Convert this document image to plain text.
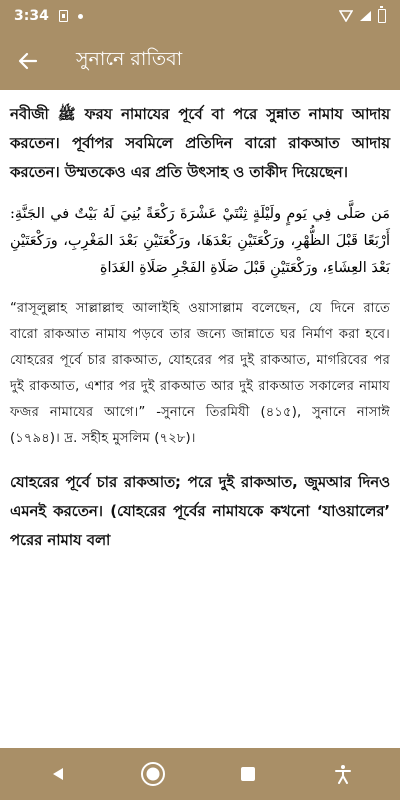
3:34
সুনানে রাতিবা

নবীজী ﷺ ফরয নামাযের পূর্বে বা পরে সুন্নাত নামায আদায় করতেন। পূর্বাপর সবমিলে প্রতিদিন বারো রাকআত আদায় করতেন। উম্মতকেও এর প্রতি উৎসাহ ও তাকীদ দিয়েছেন।

مَن صَلَّى فِي يَومٍ ولَيْلَةٍ ثِنْتَيْ عَشْرَةَ رَكْعَةً بُنِيَ لَهُ بَيْتٌ في الجَنَّةِ: أَرْبَعًا قَبْلَ الظُّهْرِ، ورَكْعَتَيْنِ بَعْدَهَا، ورَكْعَتَيْنِ بَعْدَ المَغْرِبِ، ورَكْعَتَيْنِ بَعْدَ العِشَاءِ، ورَكْعَتَيْنِ قَبْلَ صَلَاةِ الفَجْرِ صَلَاةِ الغَدَاةِ

“রাসূলুল্লাহ সাল্লাল্লাহু আলাইহি ওয়াসাল্লাম বলেছেন, যে দিনে রাতে বারো রাকআত নামায পড়বে তার জন্যে জান্নাতে ঘর নির্মাণ করা হবে। যোহরের পূর্বে চার রাকআত, যোহরের পর দুই রাকআত, মাগরিবের পর দুই রাকআত, এশার পর দুই রাকআত আর দুই রাকআত সকালের নামায ফজর নামাযের আগে।” -সুনানে তিরমিযী (৪১৫), সুনানে নাসাঈ (১৭৯৪)। দ্র. সহীহ মুসলিম (৭২৮)।

যোহরের পূর্বে চার রাকআত; পরে দুই রাকআত, জুমআর দিনও এমনই করতেন। (যোহরের পূর্বের নামাযকে কখনো ‘যাওয়ালের’ পরের নামায বলা
